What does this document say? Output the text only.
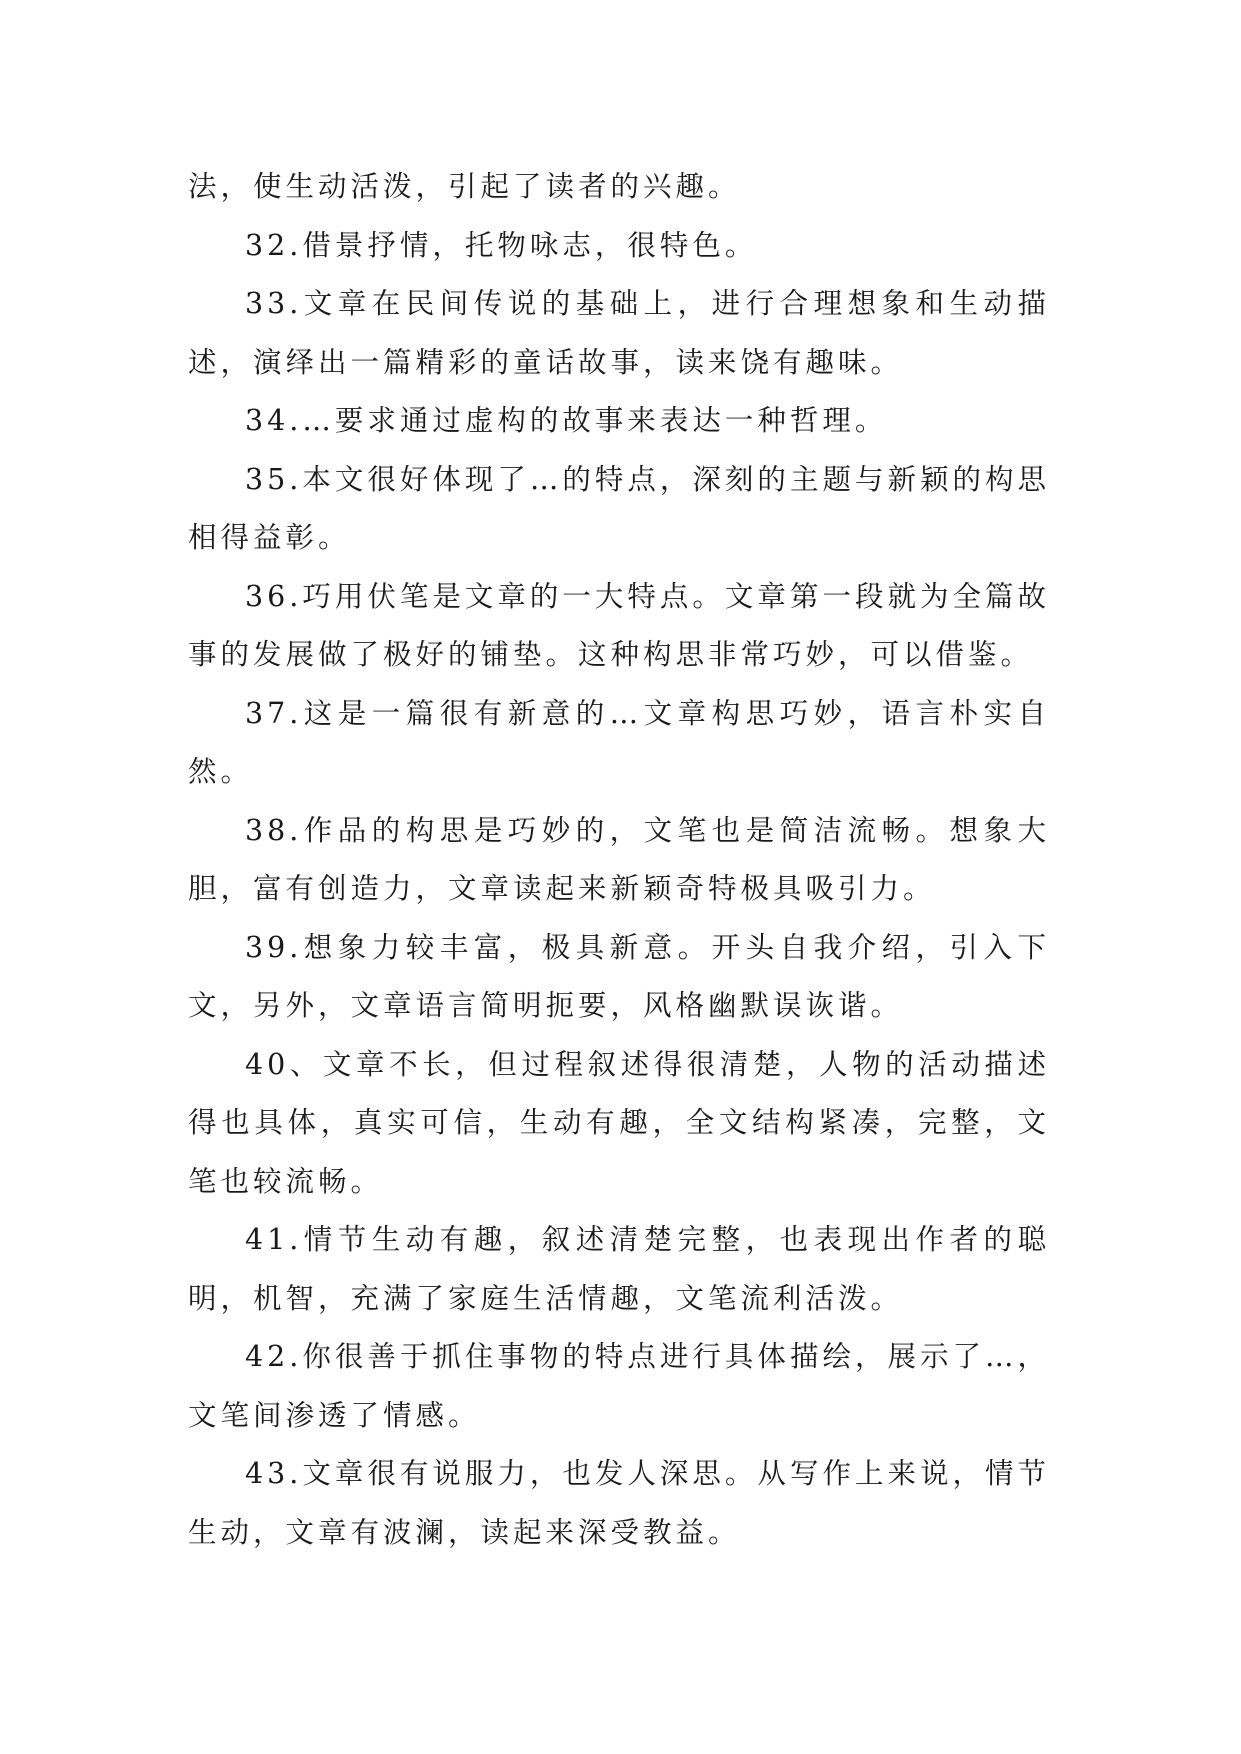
法，使生动活泼，引起了读者的兴趣。

32.借景抒情，托物咏志，很特色。

33.文章在民间传说的基础上，进行合理想象和生动描述，演绎出一篇精彩的童话故事，读来饶有趣味。

34.…要求通过虚构的故事来表达一种哲理。

35.本文很好体现了…的特点，深刻的主题与新颖的构思相得益彰。

36.巧用伏笔是文章的一大特点。文章第一段就为全篇故事的发展做了极好的铺垫。这种构思非常巧妙，可以借鉴。

37.这是一篇很有新意的…文章构思巧妙，语言朴实自然。

38.作品的构思是巧妙的，文笔也是简洁流畅。想象大胆，富有创造力，文章读起来新颖奇特极具吸引力。

39.想象力较丰富，极具新意。开头自我介绍，引入下文，另外，文章语言简明扼要，风格幽默误诙谐。

40、文章不长，但过程叙述得很清楚，人物的活动描述得也具体，真实可信，生动有趣，全文结构紧凑，完整，文笔也较流畅。

41.情节生动有趣，叙述清楚完整，也表现出作者的聪明，机智，充满了家庭生活情趣，文笔流利活泼。

42.你很善于抓住事物的特点进行具体描绘，展示了…，文笔间渗透了情感。

43.文章很有说服力，也发人深思。从写作上来说，情节生动，文章有波澜，读起来深受教益。
